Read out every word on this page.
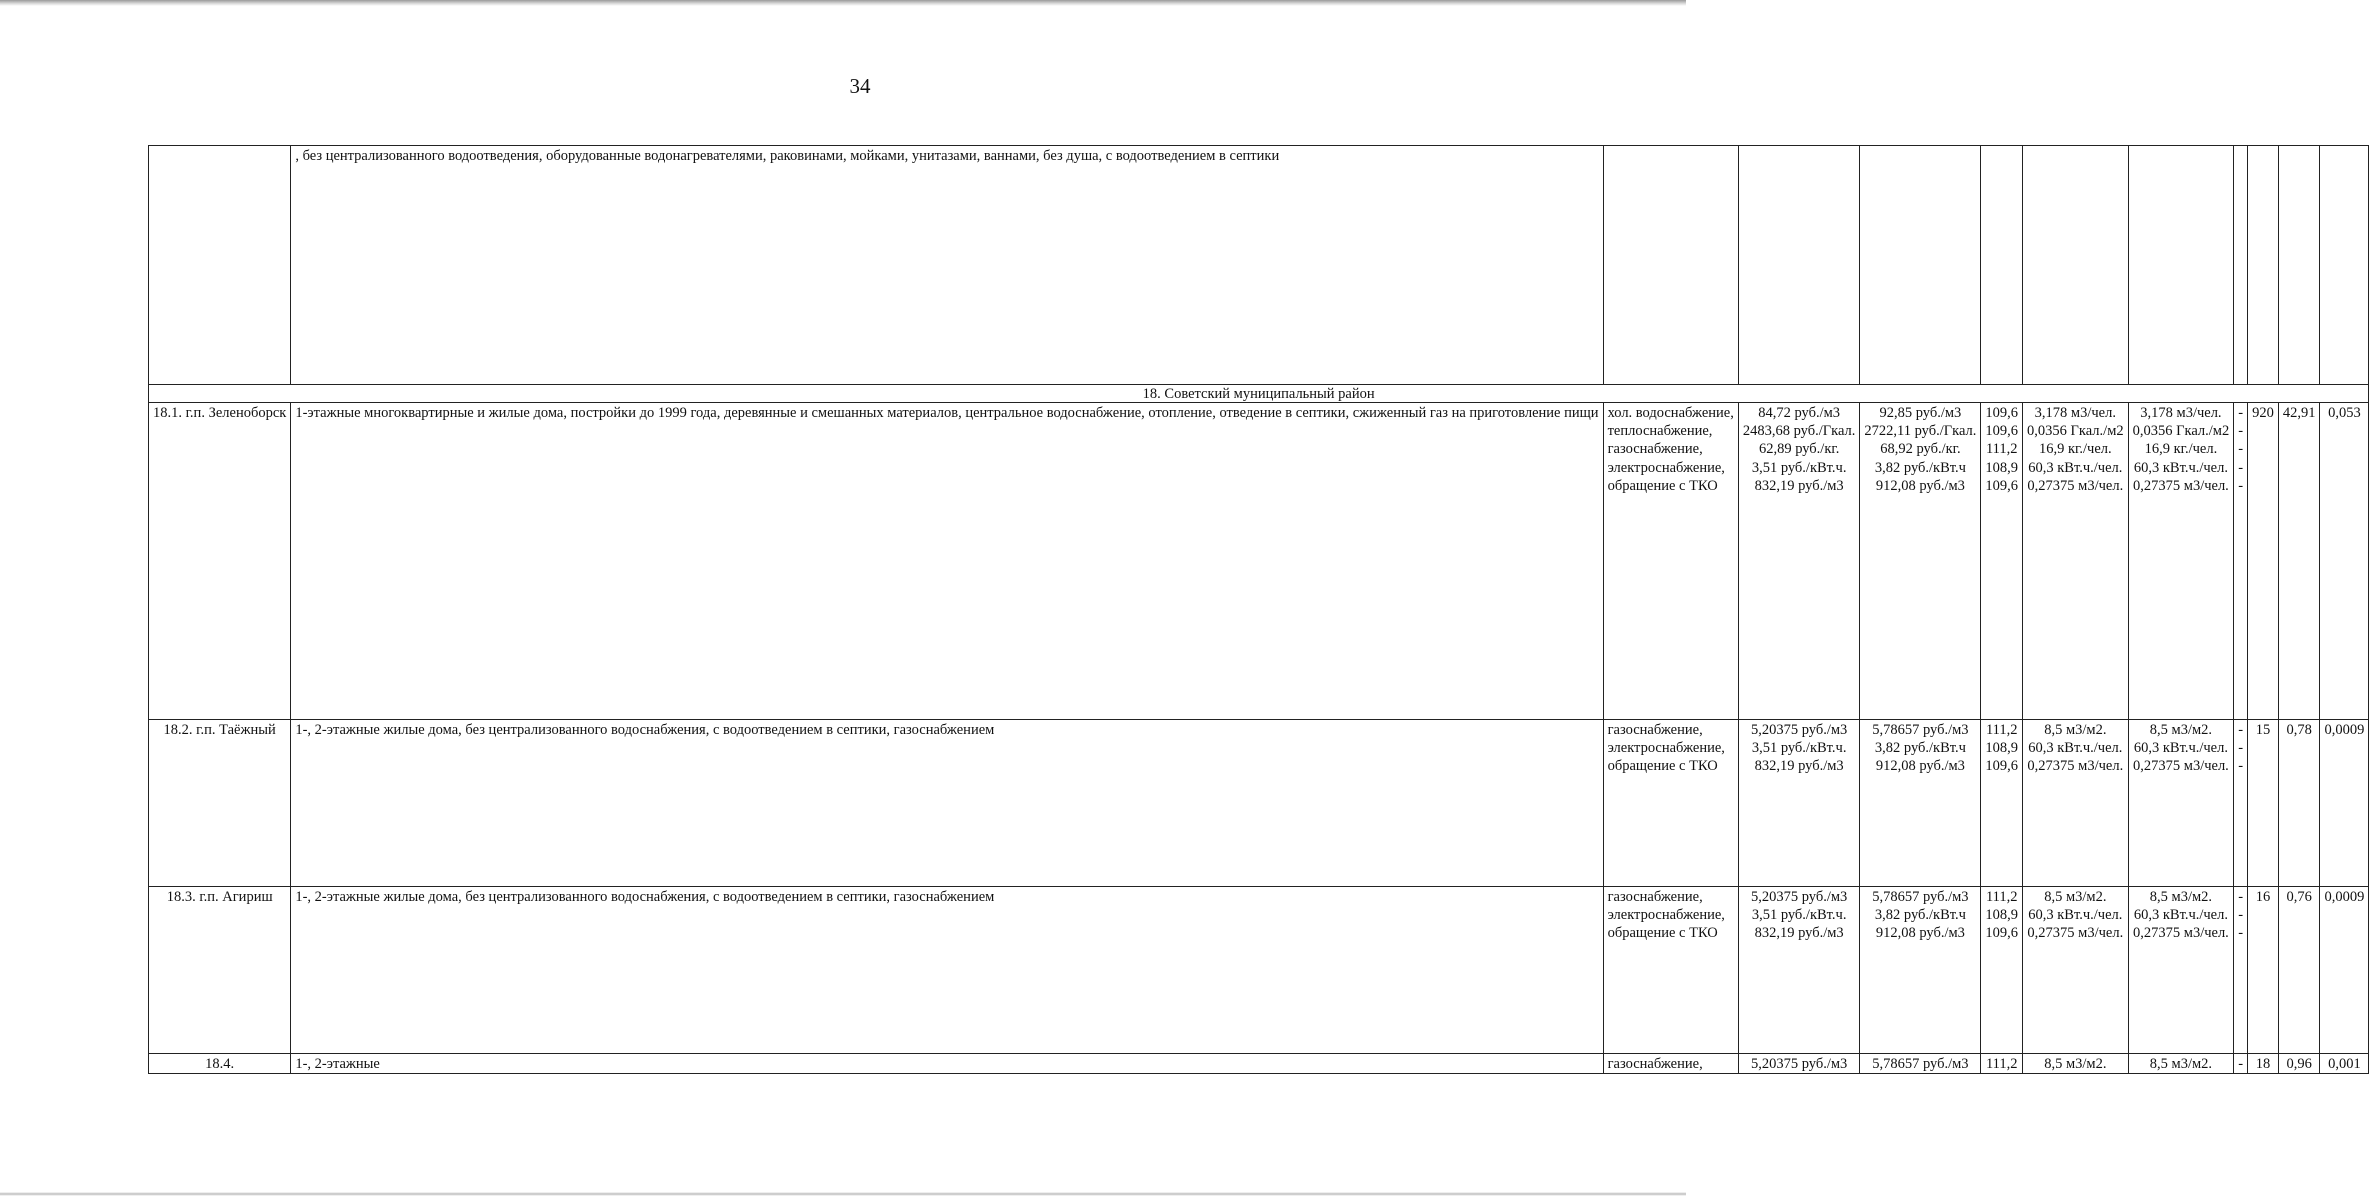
34
	, без централизованного водоотведения, оборудованные водонагревателями, раковинами, мойками, унитазами, ваннами, без душа, с водоотведением в септики										
18. Советский муниципальный район											
18.1. г.п. Зеленоборск	1-этажные многоквартирные и жилые дома, постройки до 1999 года, деревянные и смешанных материалов, центральное водоснабжение, отопление, отведение в септики, сжиженный газ на приготовление пищи	хол. водоснабжение,
теплоснабжение,
газоснабжение,
электроснабжение,
обращение с ТКО	84,72 руб./м3
2483,68 руб./Гкал.
62,89 руб./кг.
3,51 руб./кВт.ч.
832,19 руб./м3	92,85 руб./м3
2722,11 руб./Гкал.
68,92 руб./кг.
3,82 руб./кВт.ч
912,08 руб./м3	109,6
109,6
111,2
108,9
109,6	3,178 м3/чел.
0,0356 Гкал./м2
16,9 кг./чел.
60,3 кВт.ч./чел.
0,27375 м3/чел.	3,178 м3/чел.
0,0356 Гкал./м2
16,9 кг./чел.
60,3 кВт.ч./чел.
0,27375 м3/чел.	-
-
-
-
-	920	42,91	0,053
18.2. г.п. Таёжный	1-, 2-этажные жилые дома, без централизованного водоснабжения, с водоотведением в септики, газоснабжением	газоснабжение,
электроснабжение,
обращение с ТКО	5,20375 руб./м3
3,51 руб./кВт.ч.
832,19 руб./м3	5,78657 руб./м3
3,82 руб./кВт.ч
912,08 руб./м3	111,2
108,9
109,6	8,5 м3/м2.
60,3 кВт.ч./чел.
0,27375 м3/чел.	8,5 м3/м2.
60,3 кВт.ч./чел.
0,27375 м3/чел.	-
-
-	15	0,78	0,0009
18.3. г.п. Агириш	1-, 2-этажные жилые дома, без централизованного водоснабжения, с водоотведением в септики, газоснабжением	газоснабжение,
электроснабжение,
обращение с ТКО	5,20375 руб./м3
3,51 руб./кВт.ч.
832,19 руб./м3	5,78657 руб./м3
3,82 руб./кВт.ч
912,08 руб./м3	111,2
108,9
109,6	8,5 м3/м2.
60,3 кВт.ч./чел.
0,27375 м3/чел.	8,5 м3/м2.
60,3 кВт.ч./чел.
0,27375 м3/чел.	-
-
-	16	0,76	0,0009
18.4.	1-, 2-этажные	газоснабжение,	5,20375 руб./м3	5,78657 руб./м3	111,2	8,5 м3/м2.	8,5 м3/м2.	-	18	0,96	0,001
